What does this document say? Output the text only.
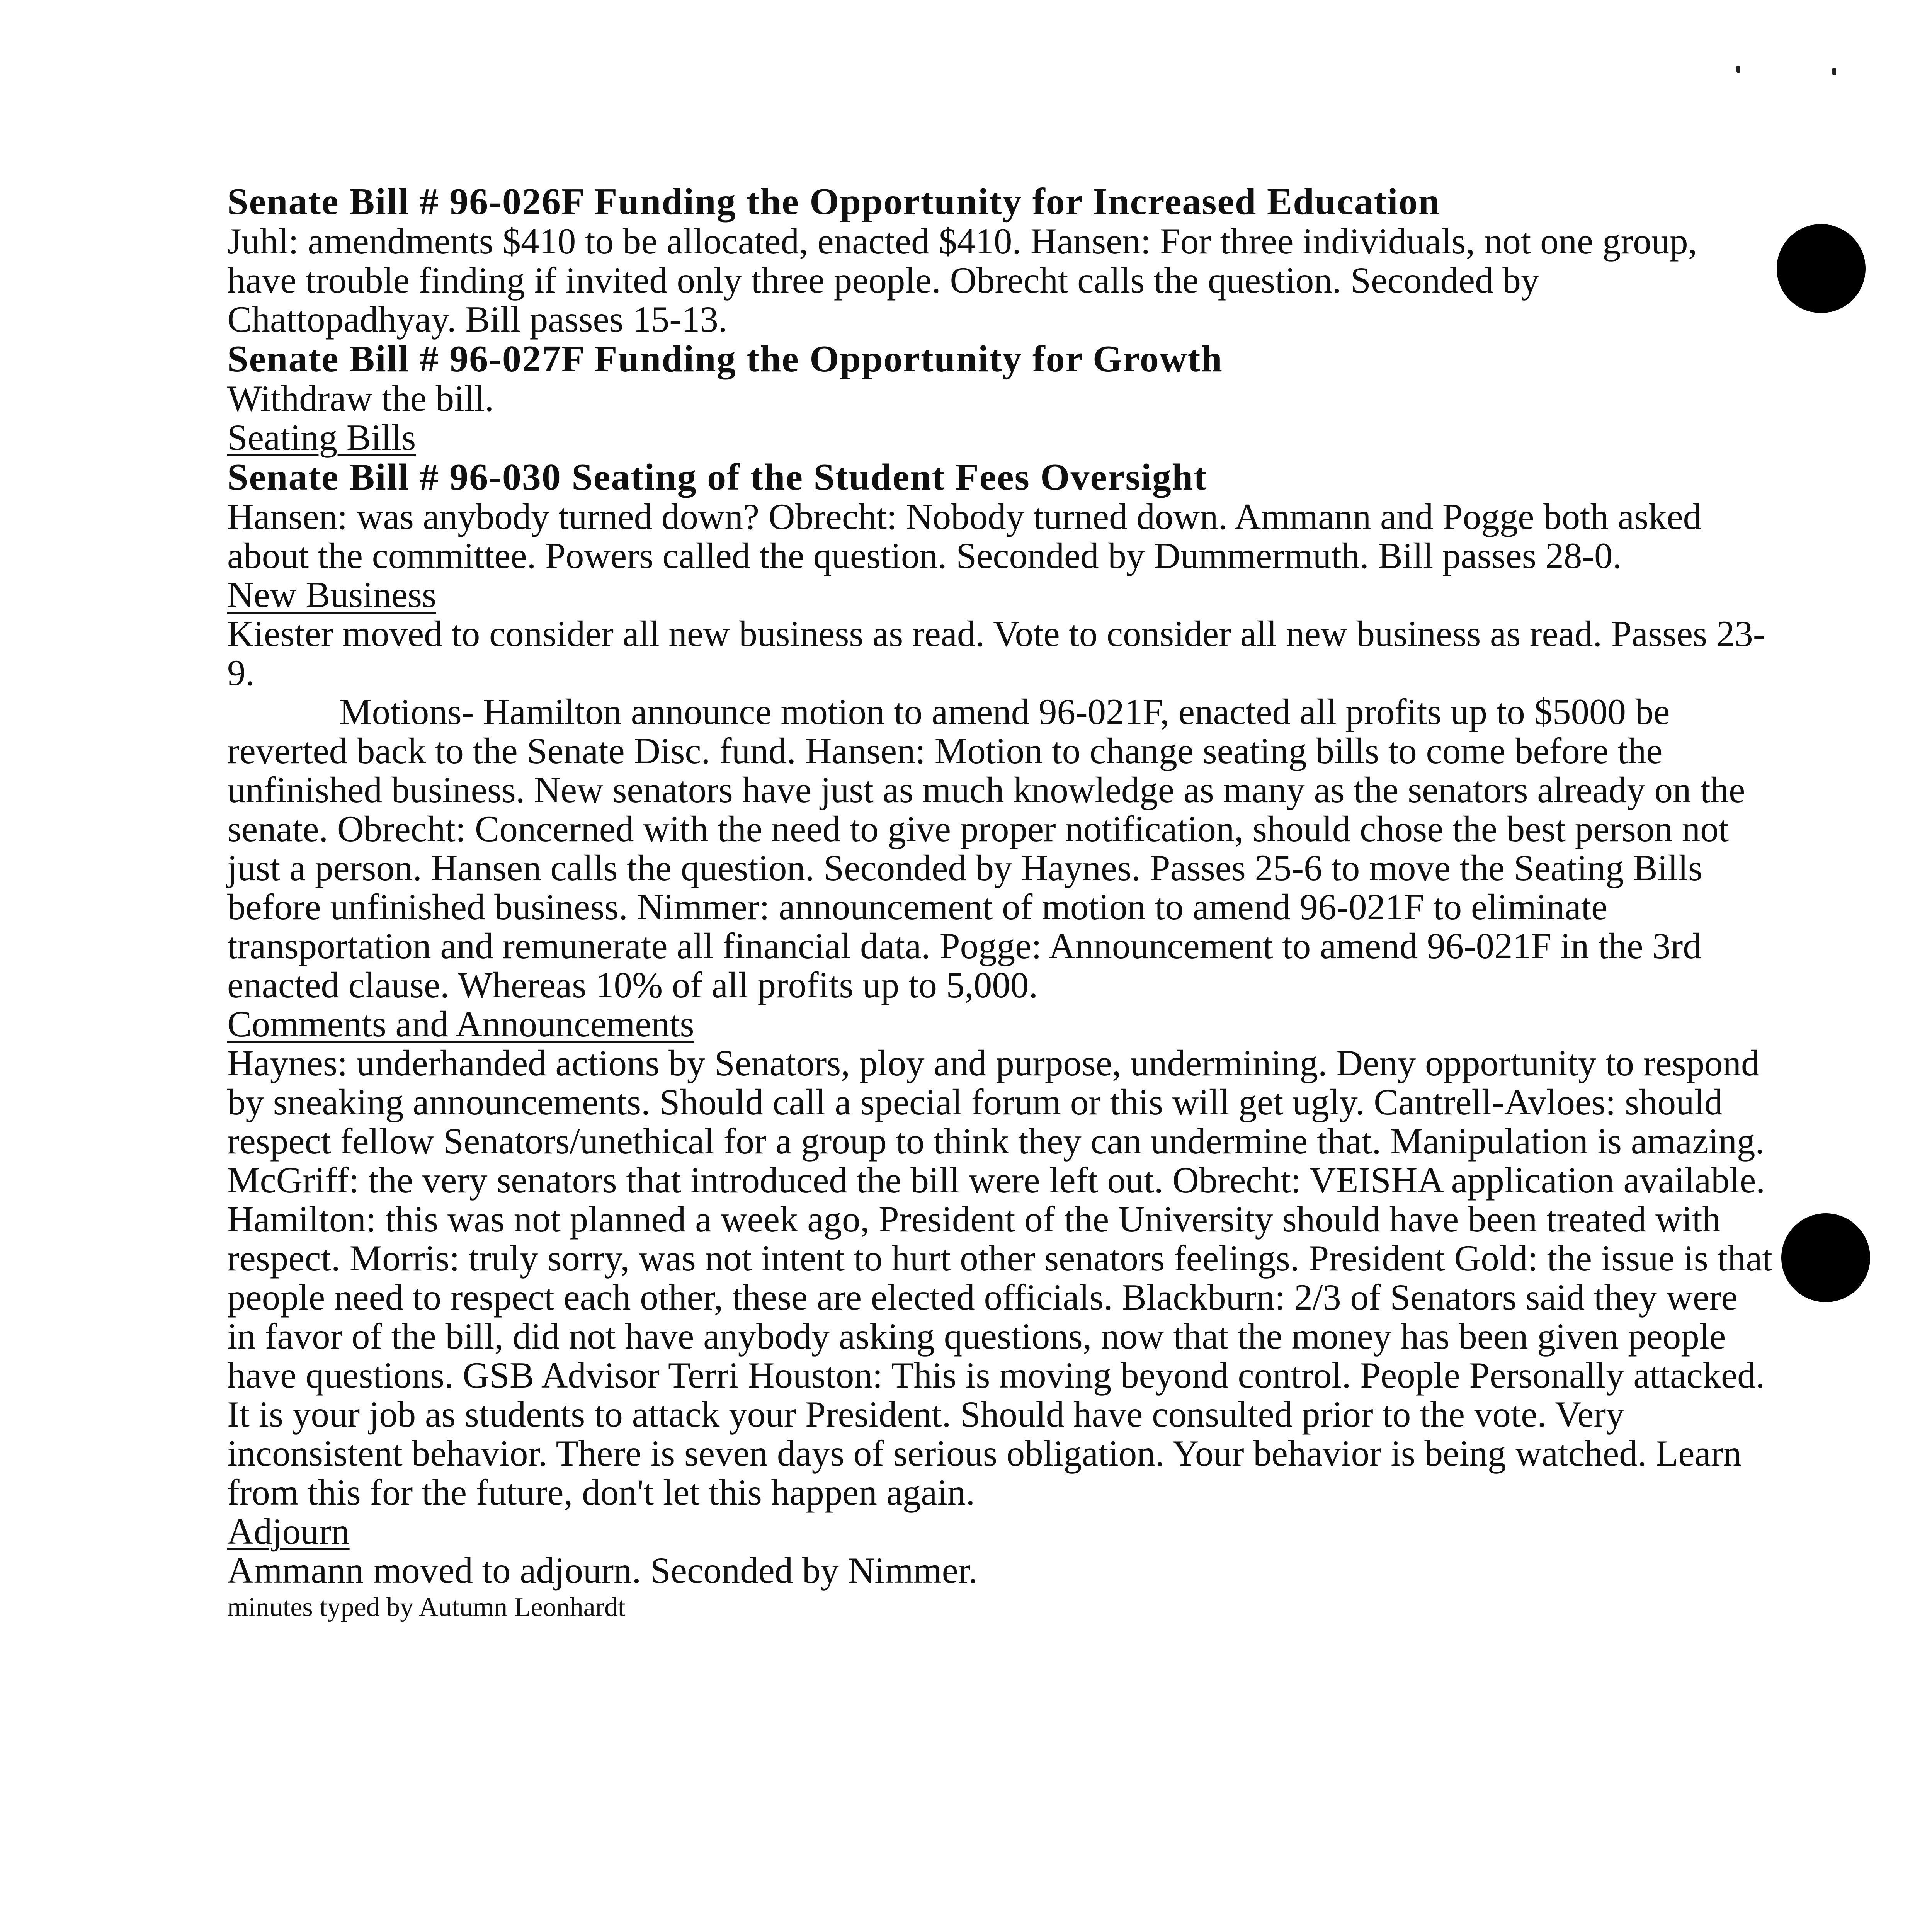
Senate Bill # 96-026F Funding the Opportunity for Increased Education

Juhl: amendments $410 to be allocated, enacted $410. Hansen: For three individuals, not one group, have trouble finding if invited only three people. Obrecht calls the question. Seconded by Chattopadhyay. Bill passes 15-13.

Senate Bill # 96-027F Funding the Opportunity for Growth

Withdraw the bill.

Seating Bills

Senate Bill # 96-030 Seating of the Student Fees Oversight

Hansen: was anybody turned down? Obrecht: Nobody turned down. Ammann and Pogge both asked about the committee. Powers called the question. Seconded by Dummermuth. Bill passes 28-0.

New Business

Kiester moved to consider all new business as read. Vote to consider all new business as read. Passes 23-9.

Motions- Hamilton announce motion to amend 96-021F, enacted all profits up to $5000 be reverted back to the Senate Disc. fund. Hansen: Motion to change seating bills to come before the unfinished business. New senators have just as much knowledge as many as the senators already on the senate. Obrecht: Concerned with the need to give proper notification, should chose the best person not just a person. Hansen calls the question. Seconded by Haynes. Passes 25-6 to move the Seating Bills before unfinished business. Nimmer: announcement of motion to amend 96-021F to eliminate transportation and remunerate all financial data. Pogge: Announcement to amend 96-021F in the 3rd enacted clause. Whereas 10% of all profits up to 5,000.

Comments and Announcements

Haynes: underhanded actions by Senators, ploy and purpose, undermining. Deny opportunity to respond by sneaking announcements. Should call a special forum or this will get ugly. Cantrell-Avloes: should respect fellow Senators/unethical for a group to think they can undermine that. Manipulation is amazing. McGriff: the very senators that introduced the bill were left out. Obrecht: VEISHA application available. Hamilton: this was not planned a week ago, President of the University should have been treated with respect. Morris: truly sorry, was not intent to hurt other senators feelings. President Gold: the issue is that people need to respect each other, these are elected officials. Blackburn: 2/3 of Senators said they were in favor of the bill, did not have anybody asking questions, now that the money has been given people have questions. GSB Advisor Terri Houston: This is moving beyond control. People Personally attacked. It is your job as students to attack your President. Should have consulted prior to the vote. Very inconsistent behavior. There is seven days of serious obligation. Your behavior is being watched. Learn from this for the future, don't let this happen again.

Adjourn

Ammann moved to adjourn. Seconded by Nimmer.

minutes typed by Autumn Leonhardt
